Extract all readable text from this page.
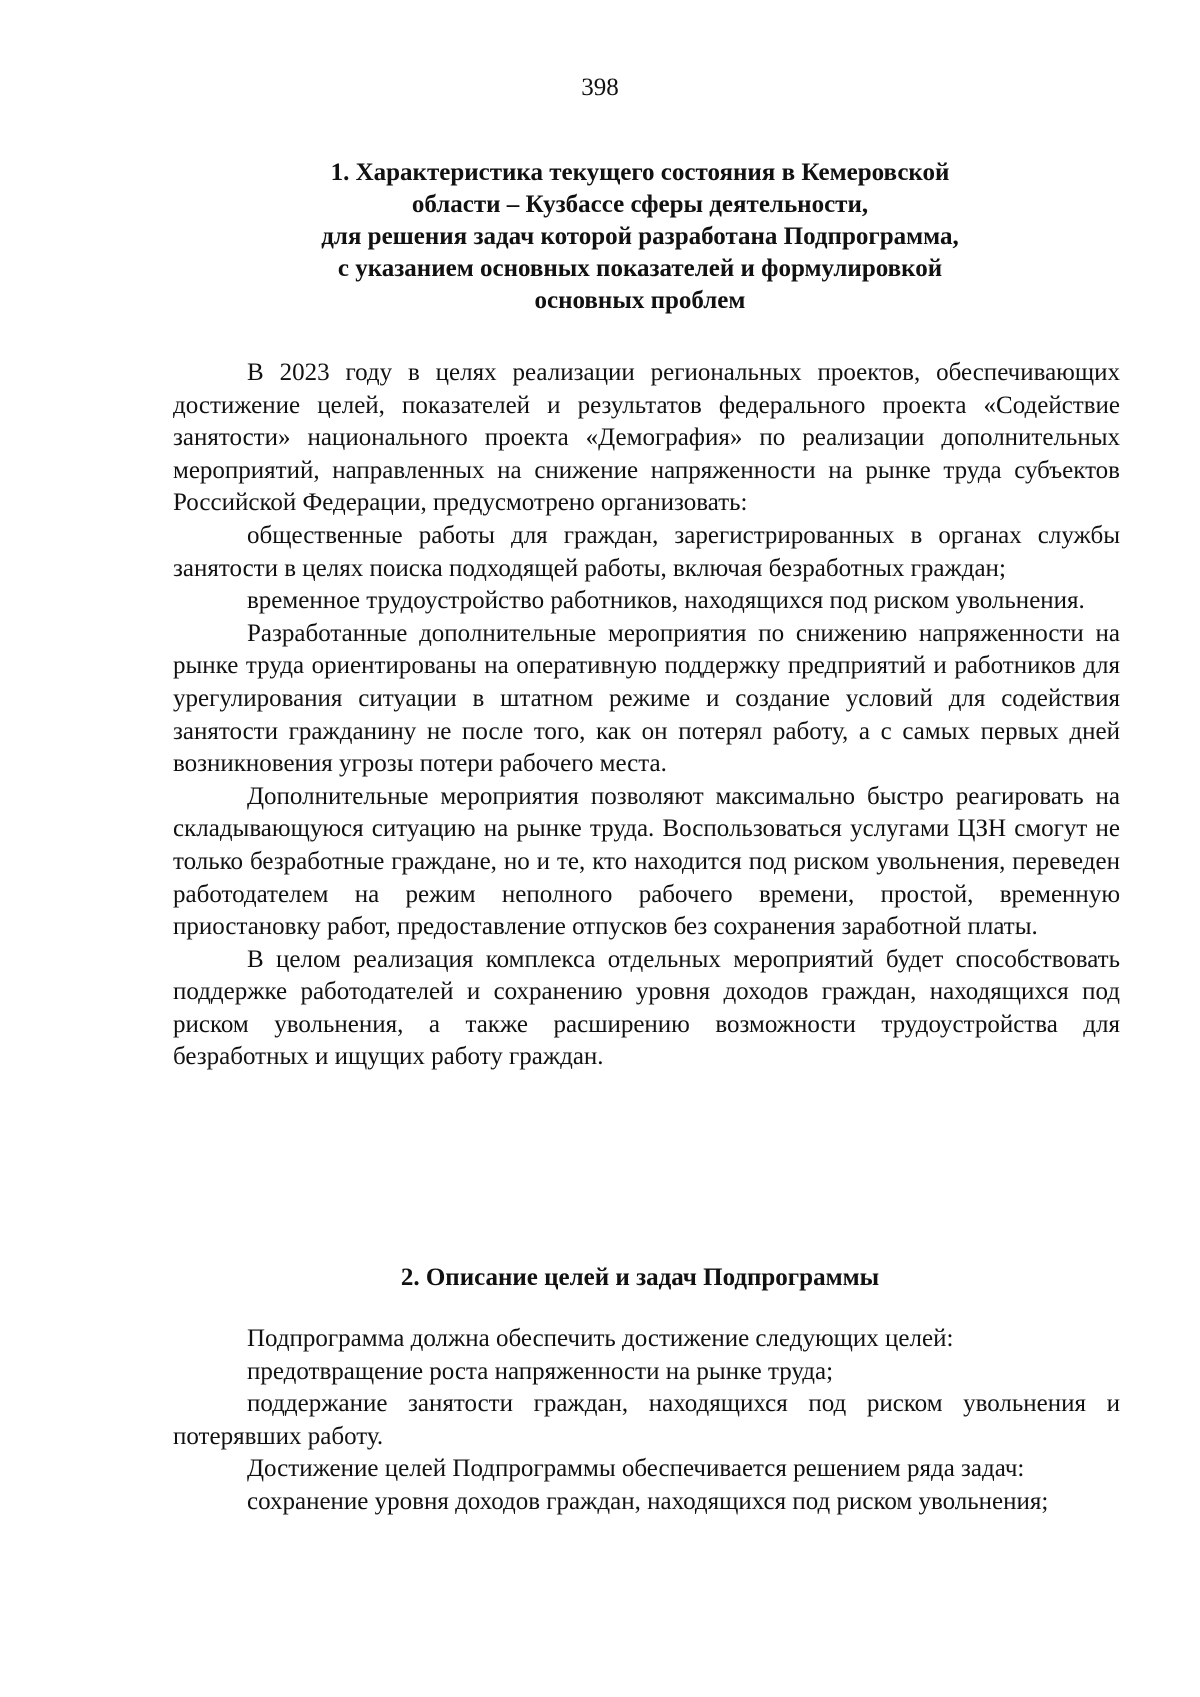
398
1. Характеристика текущего состояния в Кемеровской
области – Кузбассе сферы деятельности,
для решения задач которой разработана Подпрограмма,
с указанием основных показателей и формулировкой
основных проблем

В 2023 году в целях реализации региональных проектов, обеспечивающих достижение целей, показателей и результатов федерального проекта «Содействие занятости» национального проекта «Демография» по реализации дополнительных мероприятий, направленных на снижение напряженности на рынке труда субъектов Российской Федерации, предусмотрено организовать:

общественные работы для граждан, зарегистрированных в органах службы занятости в целях поиска подходящей работы, включая безработных граждан;

временное трудоустройство работников, находящихся под риском увольнения.

Разработанные дополнительные мероприятия по снижению напряженности на рынке труда ориентированы на оперативную поддержку предприятий и работников для урегулирования ситуации в штатном режиме и создание условий для содействия занятости гражданину не после того, как он потерял работу, а с самых первых дней возникновения угрозы потери рабочего места.

Дополнительные мероприятия позволяют максимально быстро реагировать на складывающуюся ситуацию на рынке труда. Воспользоваться услугами ЦЗН смогут не только безработные граждане, но и те, кто находится под риском увольнения, переведен работодателем на режим неполного рабочего времени, простой, временную приостановку работ, предоставление отпусков без сохранения заработной платы.

В целом реализация комплекса отдельных мероприятий будет способствовать поддержке работодателей и сохранению уровня доходов граждан, находящихся под риском увольнения, а также расширению возможности трудоустройства для безработных и ищущих работу граждан.

2. Описание целей и задач Подпрограммы

Подпрограмма должна обеспечить достижение следующих целей:

предотвращение роста напряженности на рынке труда;

поддержание занятости граждан, находящихся под риском увольнения и потерявших работу.

Достижение целей Подпрограммы обеспечивается решением ряда задач:

сохранение уровня доходов граждан, находящихся под риском увольнения;
